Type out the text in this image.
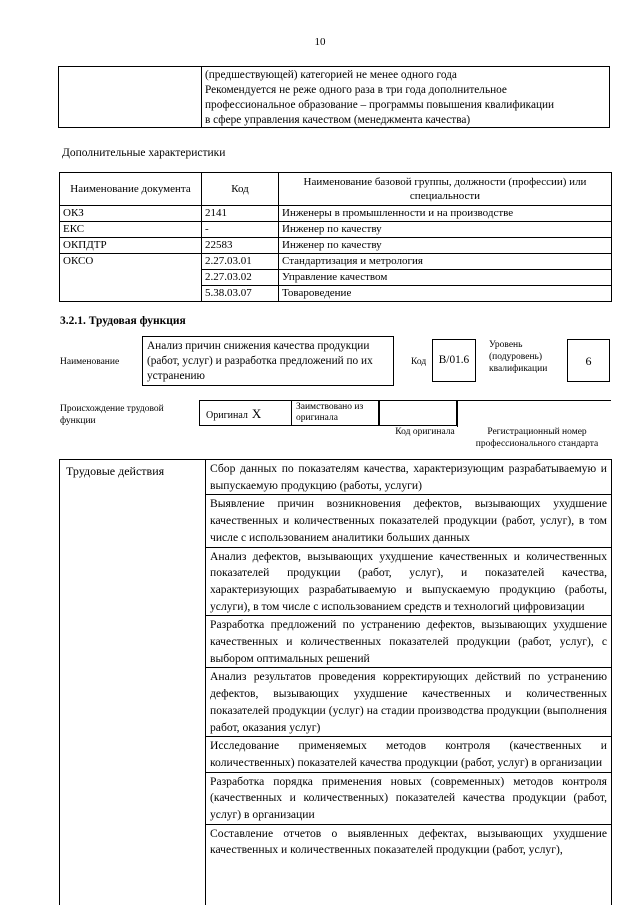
10
(предшествующей) категорией не менее одного года
Рекомендуется не реже одного раза в три года дополнительное
профессиональное образование – программы повышения квалификации
в сфере управления качеством (менеджмента качества)
Дополнительные характеристики
Наименование документа	Код	Наименование базовой группы, должности (профессии) или специальности
ОКЗ	2141	Инженеры в промышленности и на производстве
ЕКС	-	Инженер по качеству
ОКПДТР	22583	Инженер по качеству
ОКСО	2.27.03.01	Стандартизация и метрология
	2.27.03.02	Управление качеством
	5.38.03.07	Товароведение
3.2.1. Трудовая функция
Наименование
Анализ причин снижения качества продукции (работ, услуг) и разработка предложений по их устранению
Код	B/01.6
Уровень (подуровень) квалификации
6
Происхождение трудовой функции	Оригинал X	Заимствовано из оригинала
Код оригинала	Регистрационный номер профессионального стандарта
Трудовые действия	Сбор данных по показателям качества, характеризующим разрабатываемую и выпускаемую продукцию (работы, услуги)
Выявление причин возникновения дефектов, вызывающих ухудшение качественных и количественных показателей продукции (работ, услуг), в том числе с использованием аналитики больших данных
Анализ дефектов, вызывающих ухудшение качественных и количественных показателей продукции (работ, услуг), и показателей качества, характеризующих разрабатываемую и выпускаемую продукцию (работы, услуги), в том числе с использованием средств и технологий цифровизации
Разработка предложений по устранению дефектов, вызывающих ухудшение качественных и количественных показателей продукции (работ, услуг), с выбором оптимальных решений
Анализ результатов проведения корректирующих действий по устранению дефектов, вызывающих ухудшение качественных и количественных показателей продукции (услуг) на стадии производства продукции (выполнения работ, оказания услуг)
Исследование применяемых методов контроля (качественных и количественных) показателей качества продукции (работ, услуг) в организации
Разработка порядка применения новых (современных) методов контроля (качественных и количественных) показателей качества продукции (работ, услуг) в организации
Составление отчетов о выявленных дефектах, вызывающих ухудшение качественных и количественных показателей продукции (работ, услуг),
